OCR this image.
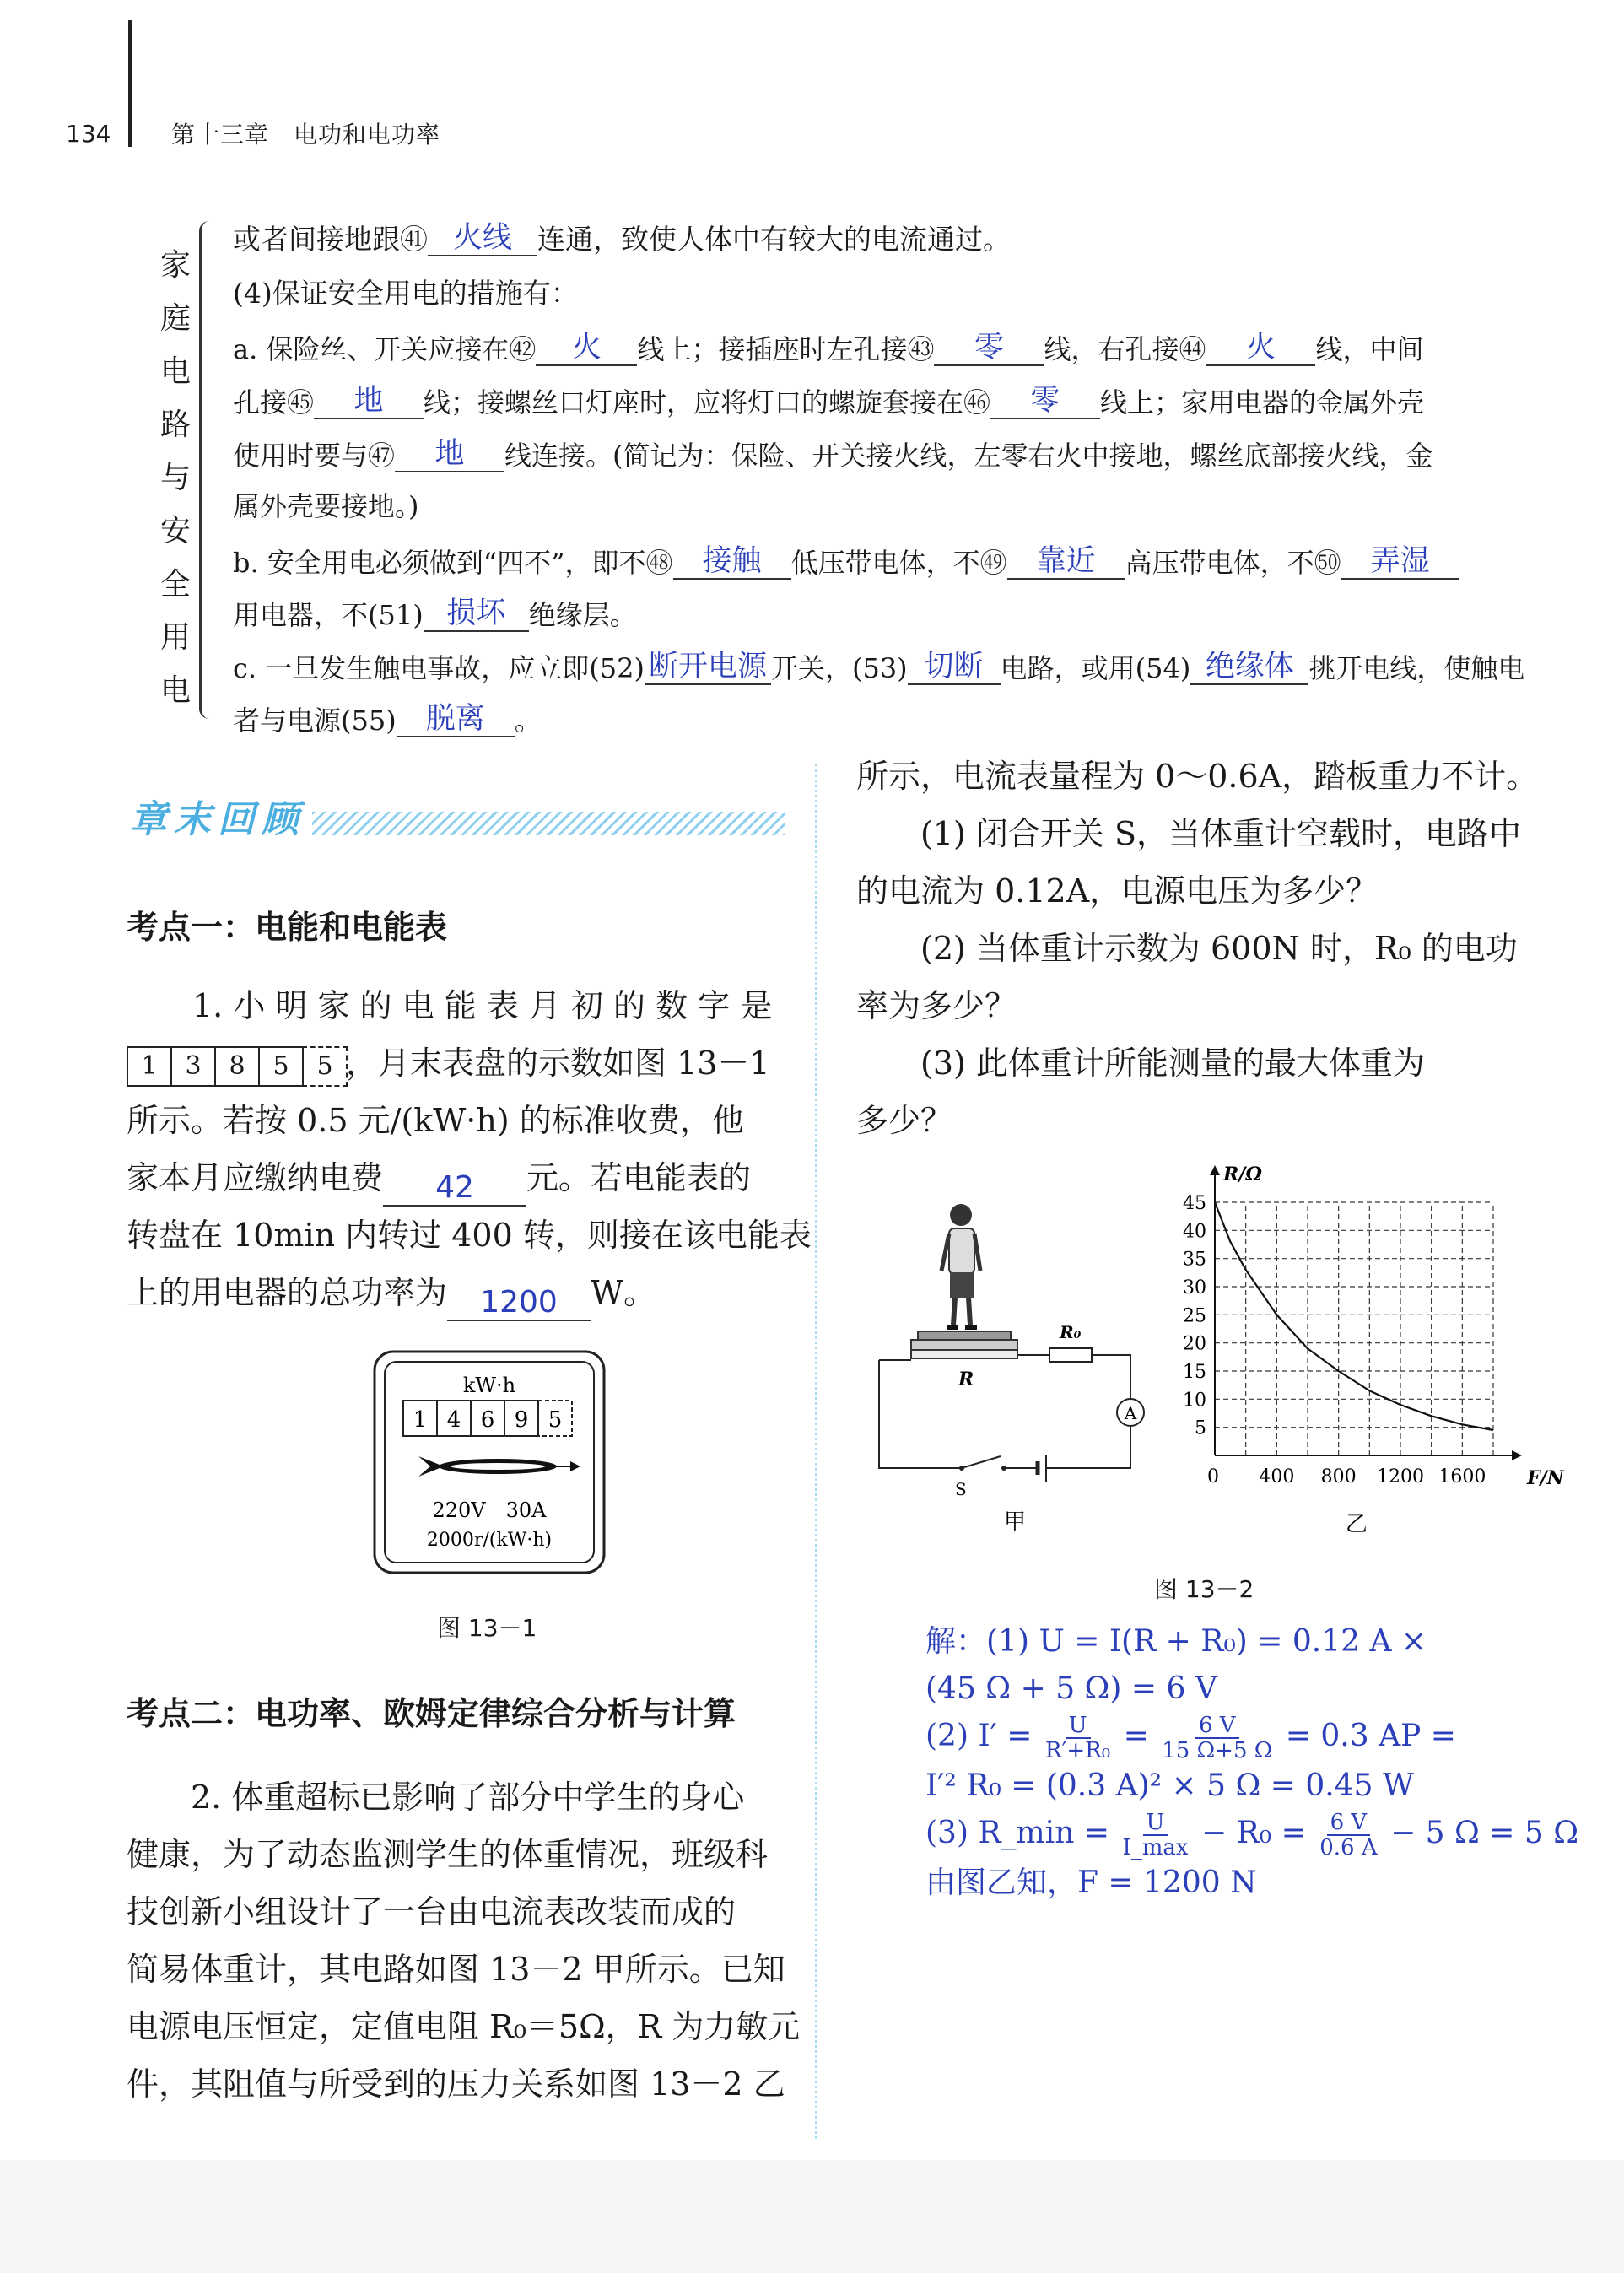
134	第十三章　电功和电功率
家
庭
电
路
与
安
全
用
电
或者间接地跟㊶ 火线 连通，致使人体中有较大的电流通过。
(4)保证安全用电的措施有：
a. 保险丝、开关应接在㊷ 火 线上；接插座时左孔接㊸ 零 线，右孔接㊹ 火 线，中间
孔接㊺ 地 线；接螺丝口灯座时，应将灯口的螺旋套接在㊻ 零 线上；家用电器的金属外壳
使用时要与㊼ 地 线连接。(简记为：保险、开关接火线，左零右火中接地，螺丝底部接火线，金
属外壳要接地。)
b. 安全用电必须做到“四不”，即不㊽ 接触 低压带电体，不㊾ 靠近 高压带电体，不㊿ 弄湿
用电器，不(51) 损坏 绝缘层。
c. 一旦发生触电事故，应立即(52) 断开电源 开关，(53) 切断 电路，或用(54) 绝缘体 挑开电线，使触电
者与电源(55) 脱离 。
章末回顾
考点一：电能和电能表
1. 小 明 家 的 电 能 表 月 初 的 数 字 是
1 3 8 5 5 ，月末表盘的示数如图 13－1
所示。若按 0.5 元/(kW·h) 的标准收费，他
家本月应缴纳电费 42 元。若电能表的
转盘在 10min 内转过 400 转，则接在该电能表
上的用电器的总功率为 1200 W。
kW·h
1 4 6 9 5
220V　30A
2000r/(kW·h)
图 13－1
考点二：电功率、欧姆定律综合分析与计算
2. 体重超标已影响了部分中学生的身心
健康，为了动态监测学生的体重情况，班级科
技创新小组设计了一台由电流表改装而成的
简易体重计，其电路如图 13－2 甲所示。已知
电源电压恒定，定值电阻 R₀＝5Ω，R 为力敏元
件，其阻值与所受到的压力关系如图 13－2 乙
所示，电流表量程为 0～0.6A，踏板重力不计。
(1) 闭合开关 S，当体重计空载时，电路中
的电流为 0.12A，电源电压为多少？
(2) 当体重计示数为 600N 时，R₀ 的电功
率为多少？
(3) 此体重计所能测量的最大体重为
多少？
R
R₀
A
S
甲
5
10
15
20
25
30
35
40
45
0 400 800 1200 1600 F/N
R/Ω
乙
图 13－2
解：(1) U = I(R + R₀) = 0.12 A ×
(45 Ω + 5 Ω) = 6 V
(2) $I' = \frac{U}{\text{R′+R₀}} = \frac{6 V}{15 \Omega+5 \Omega} = 0.3$ AP =
I′² R₀ = (0.3 A)² × 5 Ω = 0.45 W
(3) R_min = $\frac{U}{I\_\max} - R_0 = \frac{6 V}{0.6 A} - 5$ Ω = 5 Ω
由图乙知，F = 1200 N
